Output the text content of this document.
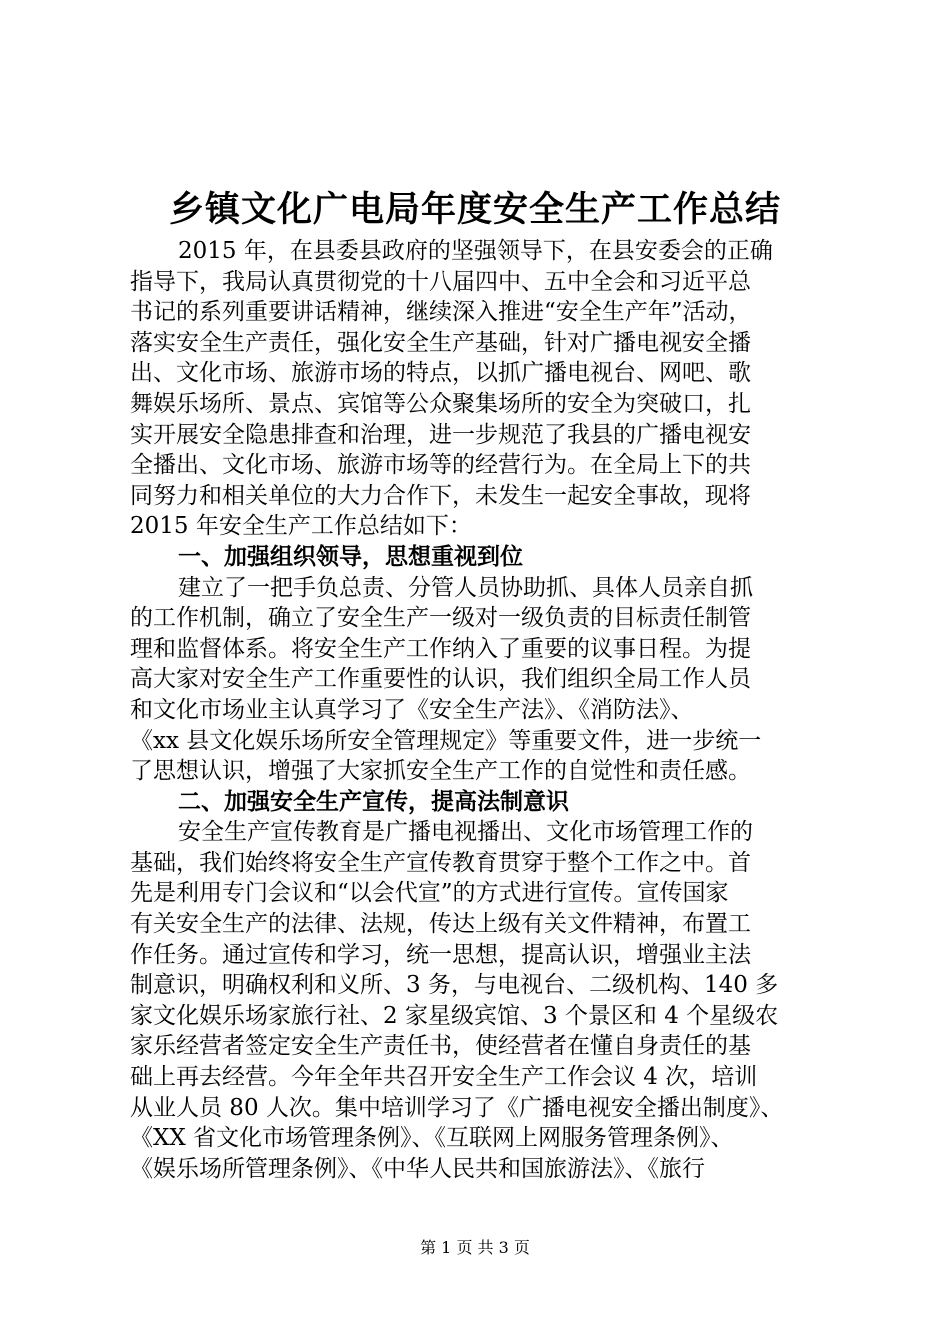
乡镇文化广电局年度安全生产工作总结
2015 年，在县委县政府的坚强领导下，在县安委会的正确
指导下，我局认真贯彻党的十八届四中、五中全会和习近平总
书记的系列重要讲话精神，继续深入推进“安全生产年”活动，
落实安全生产责任，强化安全生产基础，针对广播电视安全播
出、文化市场、旅游市场的特点，以抓广播电视台、网吧、歌
舞娱乐场所、景点、宾馆等公众聚集场所的安全为突破口，扎
实开展安全隐患排查和治理，进一步规范了我县的广播电视安
全播出、文化市场、旅游市场等的经营行为。在全局上下的共
同努力和相关单位的大力合作下，未发生一起安全事故，现将
2015 年安全生产工作总结如下：
一、加强组织领导，思想重视到位
建立了一把手负总责、分管人员协助抓、具体人员亲自抓
的工作机制，确立了安全生产一级对一级负责的目标责任制管
理和监督体系。将安全生产工作纳入了重要的议事日程。为提
高大家对安全生产工作重要性的认识，我们组织全局工作人员
和文化市场业主认真学习了《安全生产法》、《消防法》、
《xx 县文化娱乐场所安全管理规定》等重要文件，进一步统一
了思想认识，增强了大家抓安全生产工作的自觉性和责任感。
二、加强安全生产宣传，提高法制意识
安全生产宣传教育是广播电视播出、文化市场管理工作的
基础，我们始终将安全生产宣传教育贯穿于整个工作之中。首
先是利用专门会议和“以会代宣”的方式进行宣传。宣传国家
有关安全生产的法律、法规，传达上级有关文件精神，布置工
作任务。通过宣传和学习，统一思想，提高认识，增强业主法
制意识，明确权利和义所、3 务，与电视台、二级机构、140 多
家文化娱乐场家旅行社、2 家星级宾馆、3 个景区和 4 个星级农
家乐经营者签定安全生产责任书，使经营者在懂自身责任的基
础上再去经营。今年全年共召开安全生产工作会议 4 次，培训
从业人员 80 人次。集中培训学习了《广播电视安全播出制度》、
《XX 省文化市场管理条例》、《互联网上网服务管理条例》、
《娱乐场所管理条例》、《中华人民共和国旅游法》、《旅行
第 1 页 共 3 页
